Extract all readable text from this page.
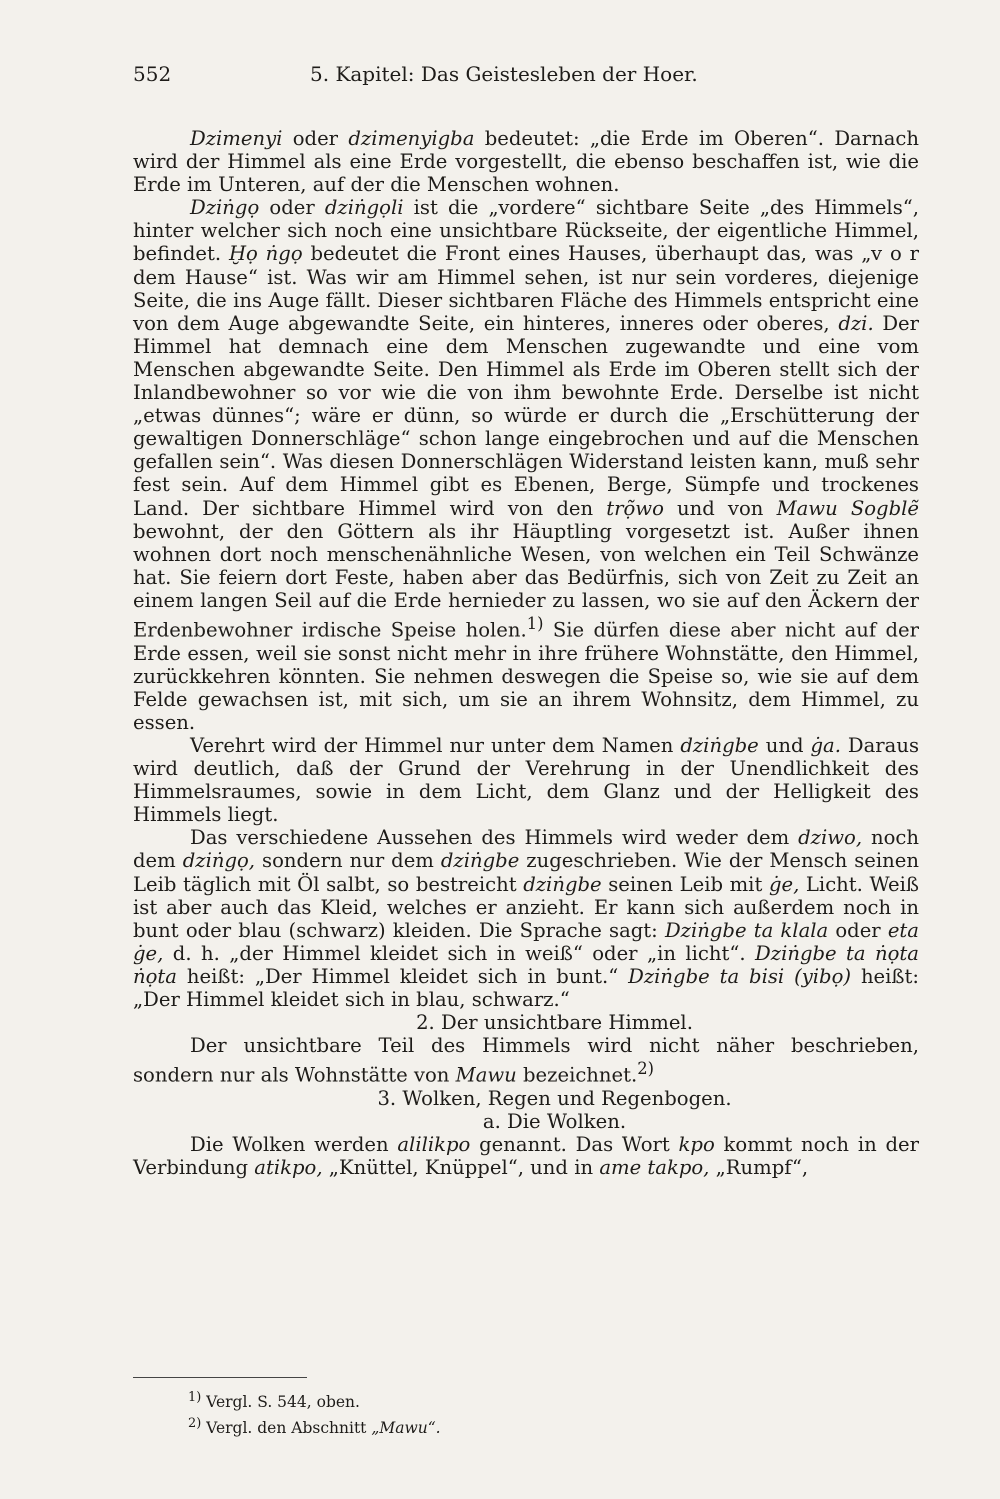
552	5. Kapitel: Das Geistesleben der Hoer.

Dzimenyi oder dzimenyigba bedeutet: „die Erde im Oberen“. Darnach wird der Himmel als eine Erde vorgestellt, die ebenso beschaffen ist, wie die Erde im Unteren, auf der die Menschen wohnen.

Dziṅgọ oder dziṅgọli ist die „vordere“ sichtbare Seite „des Himmels“, hinter welcher sich noch eine unsichtbare Rückseite, der eigentliche Himmel, befindet. Ḫọ ṅgọ bedeutet die Front eines Hauses, überhaupt das, was „v o r dem Hause“ ist. Was wir am Himmel sehen, ist nur sein vorderes, diejenige Seite, die ins Auge fällt. Dieser sichtbaren Fläche des Himmels entspricht eine von dem Auge abgewandte Seite, ein hinteres, inneres oder oberes, dzi. Der Himmel hat demnach eine dem Menschen zugewandte und eine vom Menschen abgewandte Seite. Den Himmel als Erde im Oberen stellt sich der Inlandbewohner so vor wie die von ihm bewohnte Erde. Derselbe ist nicht „etwas dünnes“; wäre er dünn, so würde er durch die „Erschütterung der gewaltigen Donnerschläge“ schon lange eingebrochen und auf die Menschen gefallen sein“. Was diesen Donnerschlägen Widerstand leisten kann, muß sehr fest sein. Auf dem Himmel gibt es Ebenen, Berge, Sümpfe und trockenes Land. Der sichtbare Himmel wird von den trọ̃wo und von Mawu Sogblẽ bewohnt, der den Göttern als ihr Häuptling vorgesetzt ist. Außer ihnen wohnen dort noch menschenähnliche Wesen, von welchen ein Teil Schwänze hat. Sie feiern dort Feste, haben aber das Bedürfnis, sich von Zeit zu Zeit an einem langen Seil auf die Erde hernieder zu lassen, wo sie auf den Äckern der Erdenbewohner irdische Speise holen.$^{1)}$ Sie dürfen diese aber nicht auf der Erde essen, weil sie sonst nicht mehr in ihre frühere Wohnstätte, den Himmel, zurückkehren könnten. Sie nehmen deswegen die Speise so, wie sie auf dem Felde gewachsen ist, mit sich, um sie an ihrem Wohnsitz, dem Himmel, zu essen.

Verehrt wird der Himmel nur unter dem Namen dziṅgbe und ġa. Daraus wird deutlich, daß der Grund der Verehrung in der Unendlichkeit des Himmelsraumes, sowie in dem Licht, dem Glanz und der Helligkeit des Himmels liegt.

Das verschiedene Aussehen des Himmels wird weder dem dziwo, noch dem dziṅgọ, sondern nur dem dziṅgbe zugeschrieben. Wie der Mensch seinen Leib täglich mit Öl salbt, so bestreicht dziṅgbe seinen Leib mit ġe, Licht. Weiß ist aber auch das Kleid, welches er anzieht. Er kann sich außerdem noch in bunt oder blau (schwarz) kleiden. Die Sprache sagt: Dziṅgbe ta klala oder eta ġe, d. h. „der Himmel kleidet sich in weiß“ oder „in licht“. Dziṅgbe ta ṅọta ṅọta heißt: „Der Himmel kleidet sich in bunt.“ Dziṅgbe ta bisi (yibọ) heißt: „Der Himmel kleidet sich in blau, schwarz.“

2. Der unsichtbare Himmel.

Der unsichtbare Teil des Himmels wird nicht näher beschrieben, sondern nur als Wohnstätte von Mawu bezeichnet.$^{2)}$

3. Wolken, Regen und Regenbogen.

a. Die Wolken.

Die Wolken werden alilikpo genannt. Das Wort kpo kommt noch in der Verbindung atikpo, „Knüttel, Knüppel“, und in ame takpo, „Rumpf“,

$^{1)}$ Vergl. S. 544, oben.
$^{2)}$ Vergl. den Abschnitt „Mawu“.
